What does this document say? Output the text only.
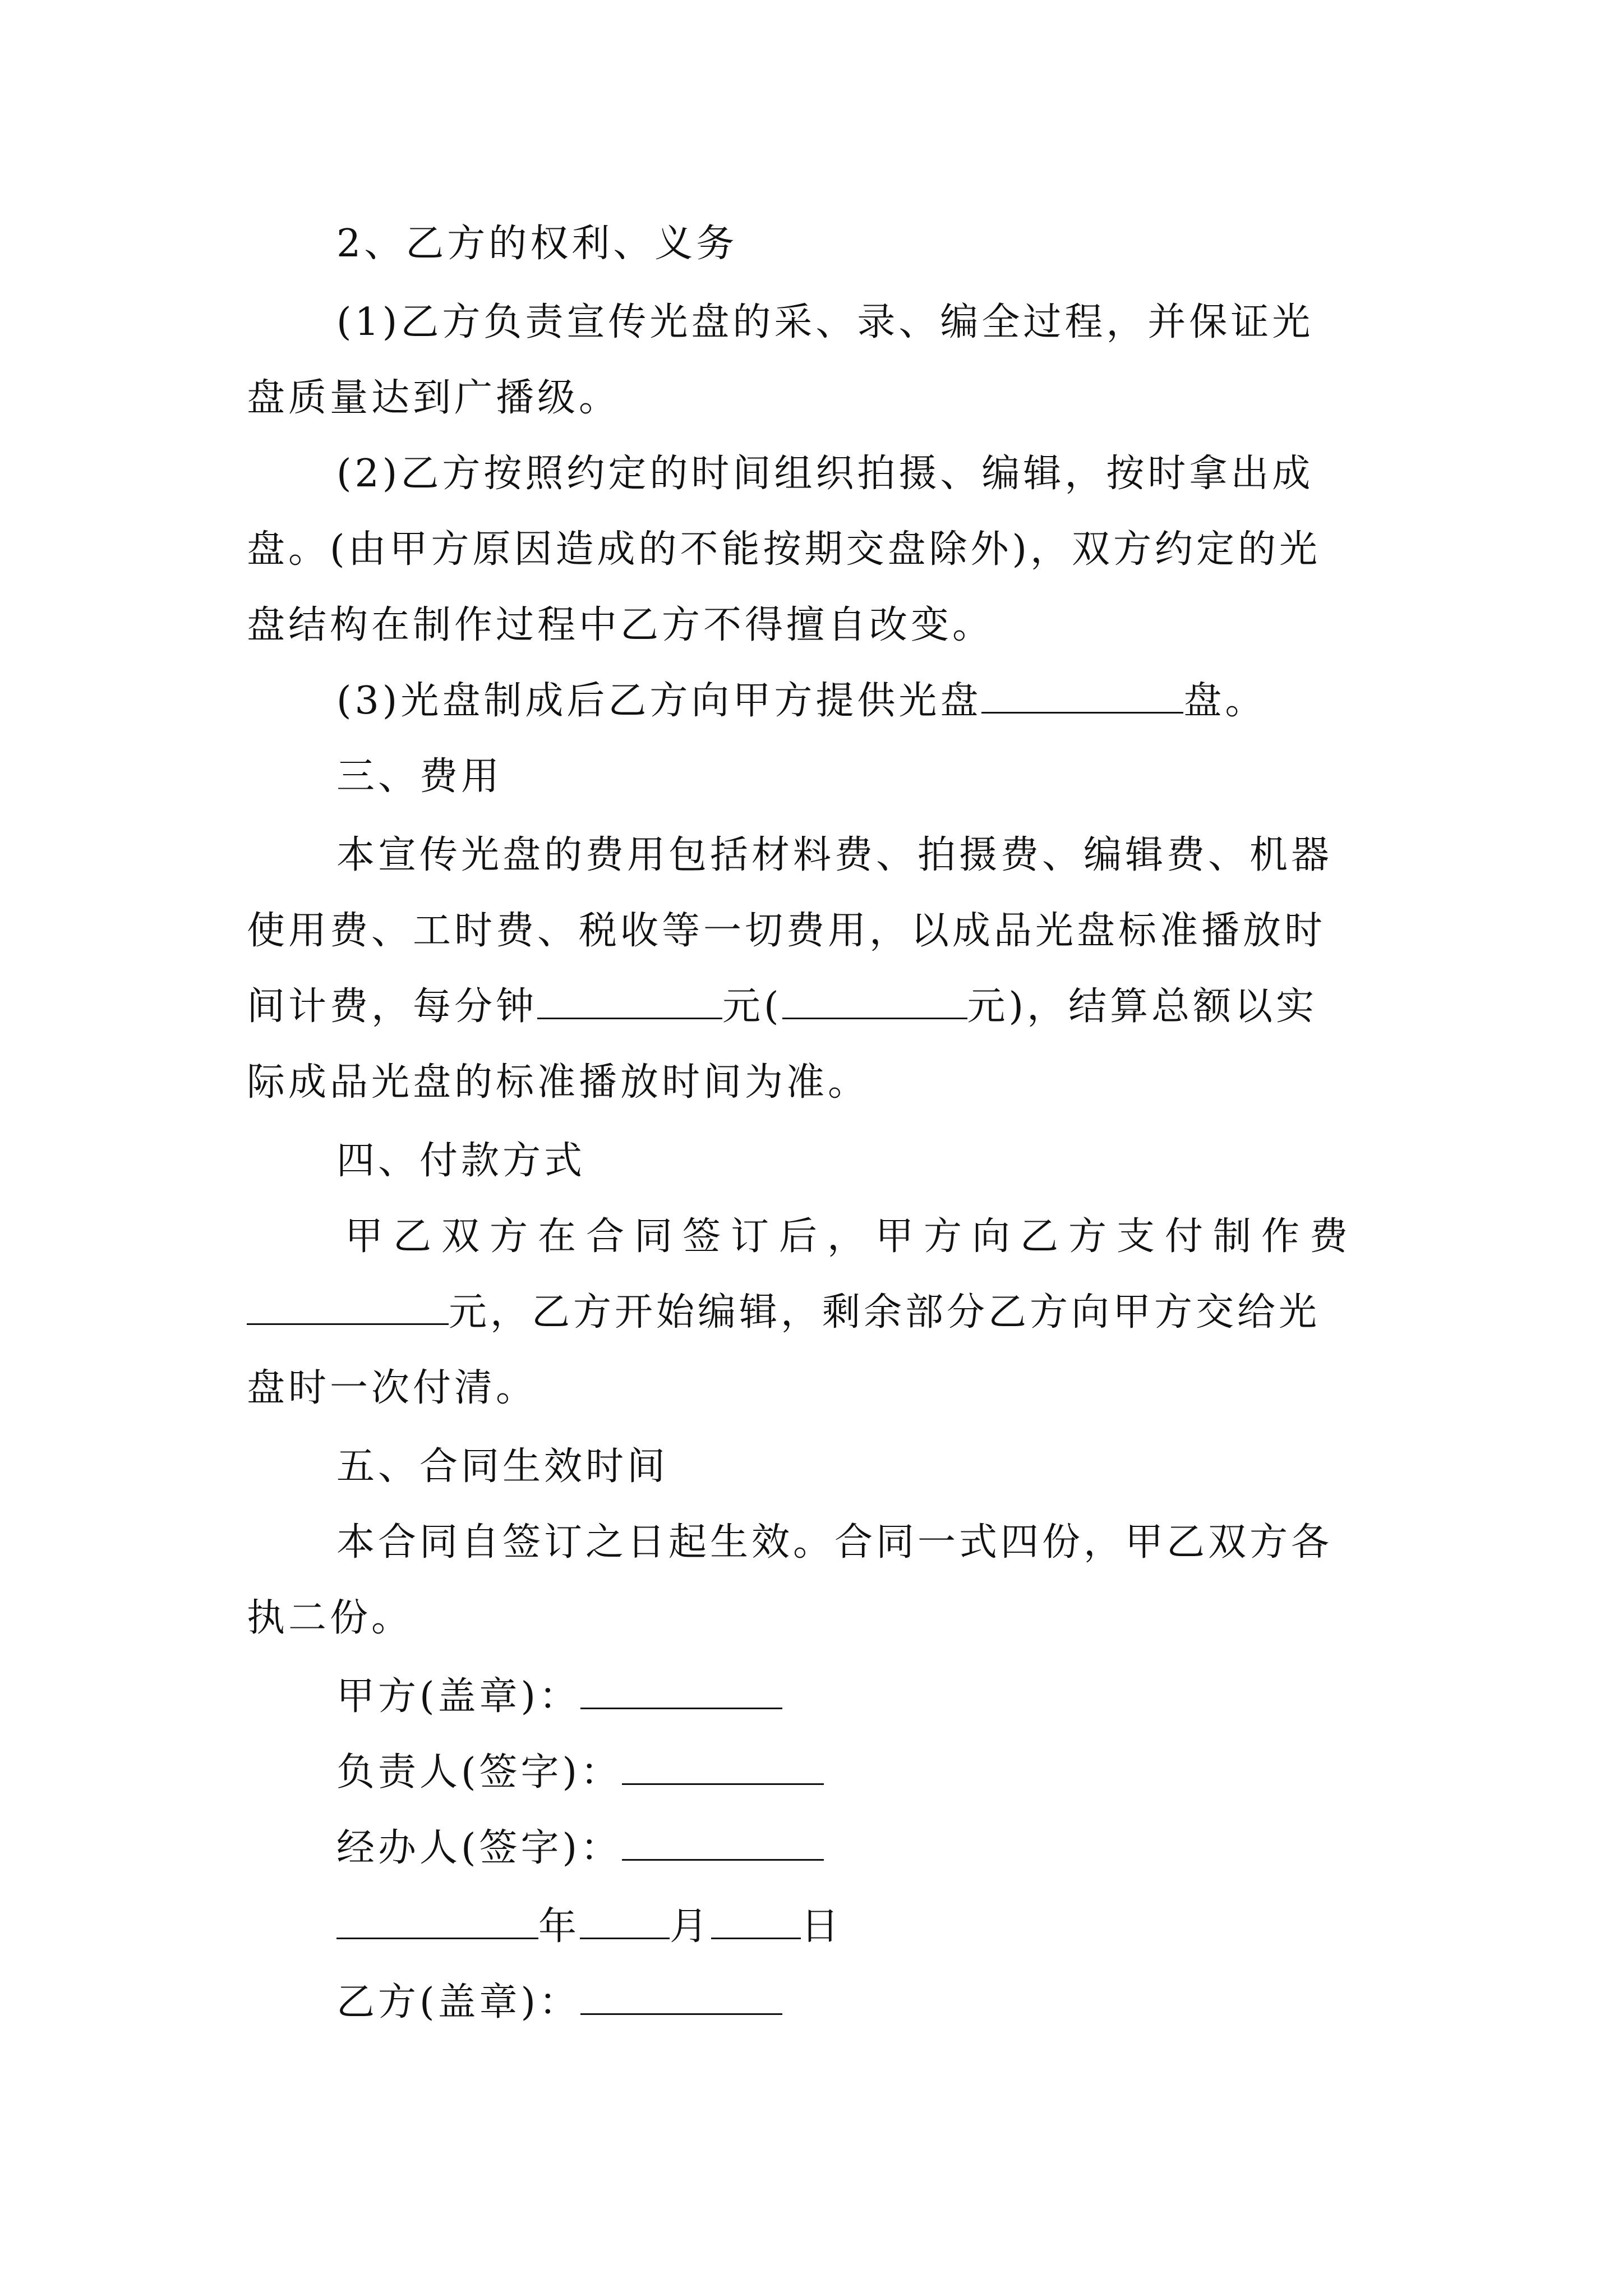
2、乙方的权利、义务
(1)乙方负责宣传光盘的采、录、编全过程，并保证光
盘质量达到广播级。
(2)乙方按照约定的时间组织拍摄、编辑，按时拿出成
盘。(由甲方原因造成的不能按期交盘除外)，双方约定的光
盘结构在制作过程中乙方不得擅自改变。
(3)光盘制成后乙方向甲方提供光盘	盘。
三、费用
本宣传光盘的费用包括材料费、拍摄费、编辑费、机器
使用费、工时费、税收等一切费用，以成品光盘标准播放时
间计费，每分钟	元(	元)，结算总额以实
际成品光盘的标准播放时间为准。
四、付款方式
甲乙双方在合同签订后，甲方向乙方支付制作费
元，乙方开始编辑，剩余部分乙方向甲方交给光
盘时一次付清。
五、合同生效时间
本合同自签订之日起生效。合同一式四份，甲乙双方各
执二份。
甲方(盖章)：
负责人(签字)：
经办人(签字)：
年 月 日
乙方(盖章)：
